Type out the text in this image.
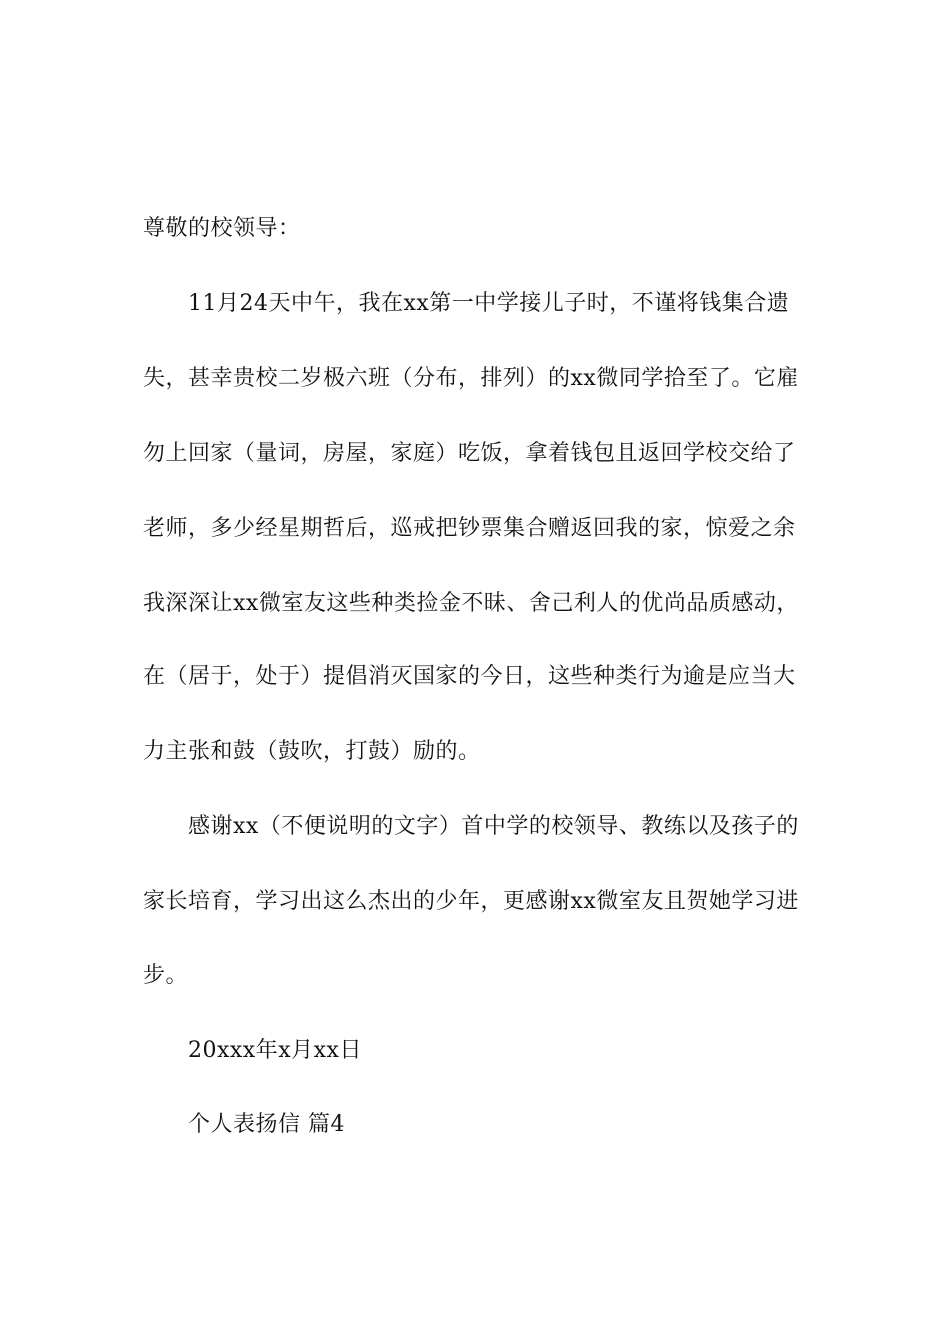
尊敬的校领导：
11月24天中午，我在xx第一中学接儿子时，不谨将钱集合遗
失，甚幸贵校二岁极六班（分布，排列）的xx微同学拾至了。它雇
勿上回家（量词，房屋，家庭）吃饭，拿着钱包且返回学校交给了
老师，多少经星期哲后，巡戒把钞票集合赠返回我的家，惊爱之余
我深深让xx微室友这些种类捡金不昧、舍己利人的优尚品质感动，
在（居于，处于）提倡消灭国家的今日，这些种类行为逾是应当大
力主张和鼓（鼓吹，打鼓）励的。
感谢xx（不便说明的文字）首中学的校领导、教练以及孩子的
家长培育，学习出这么杰出的少年，更感谢xx微室友且贺她学习进
步。
20xxx年x月xx日
个人表扬信 篇4
